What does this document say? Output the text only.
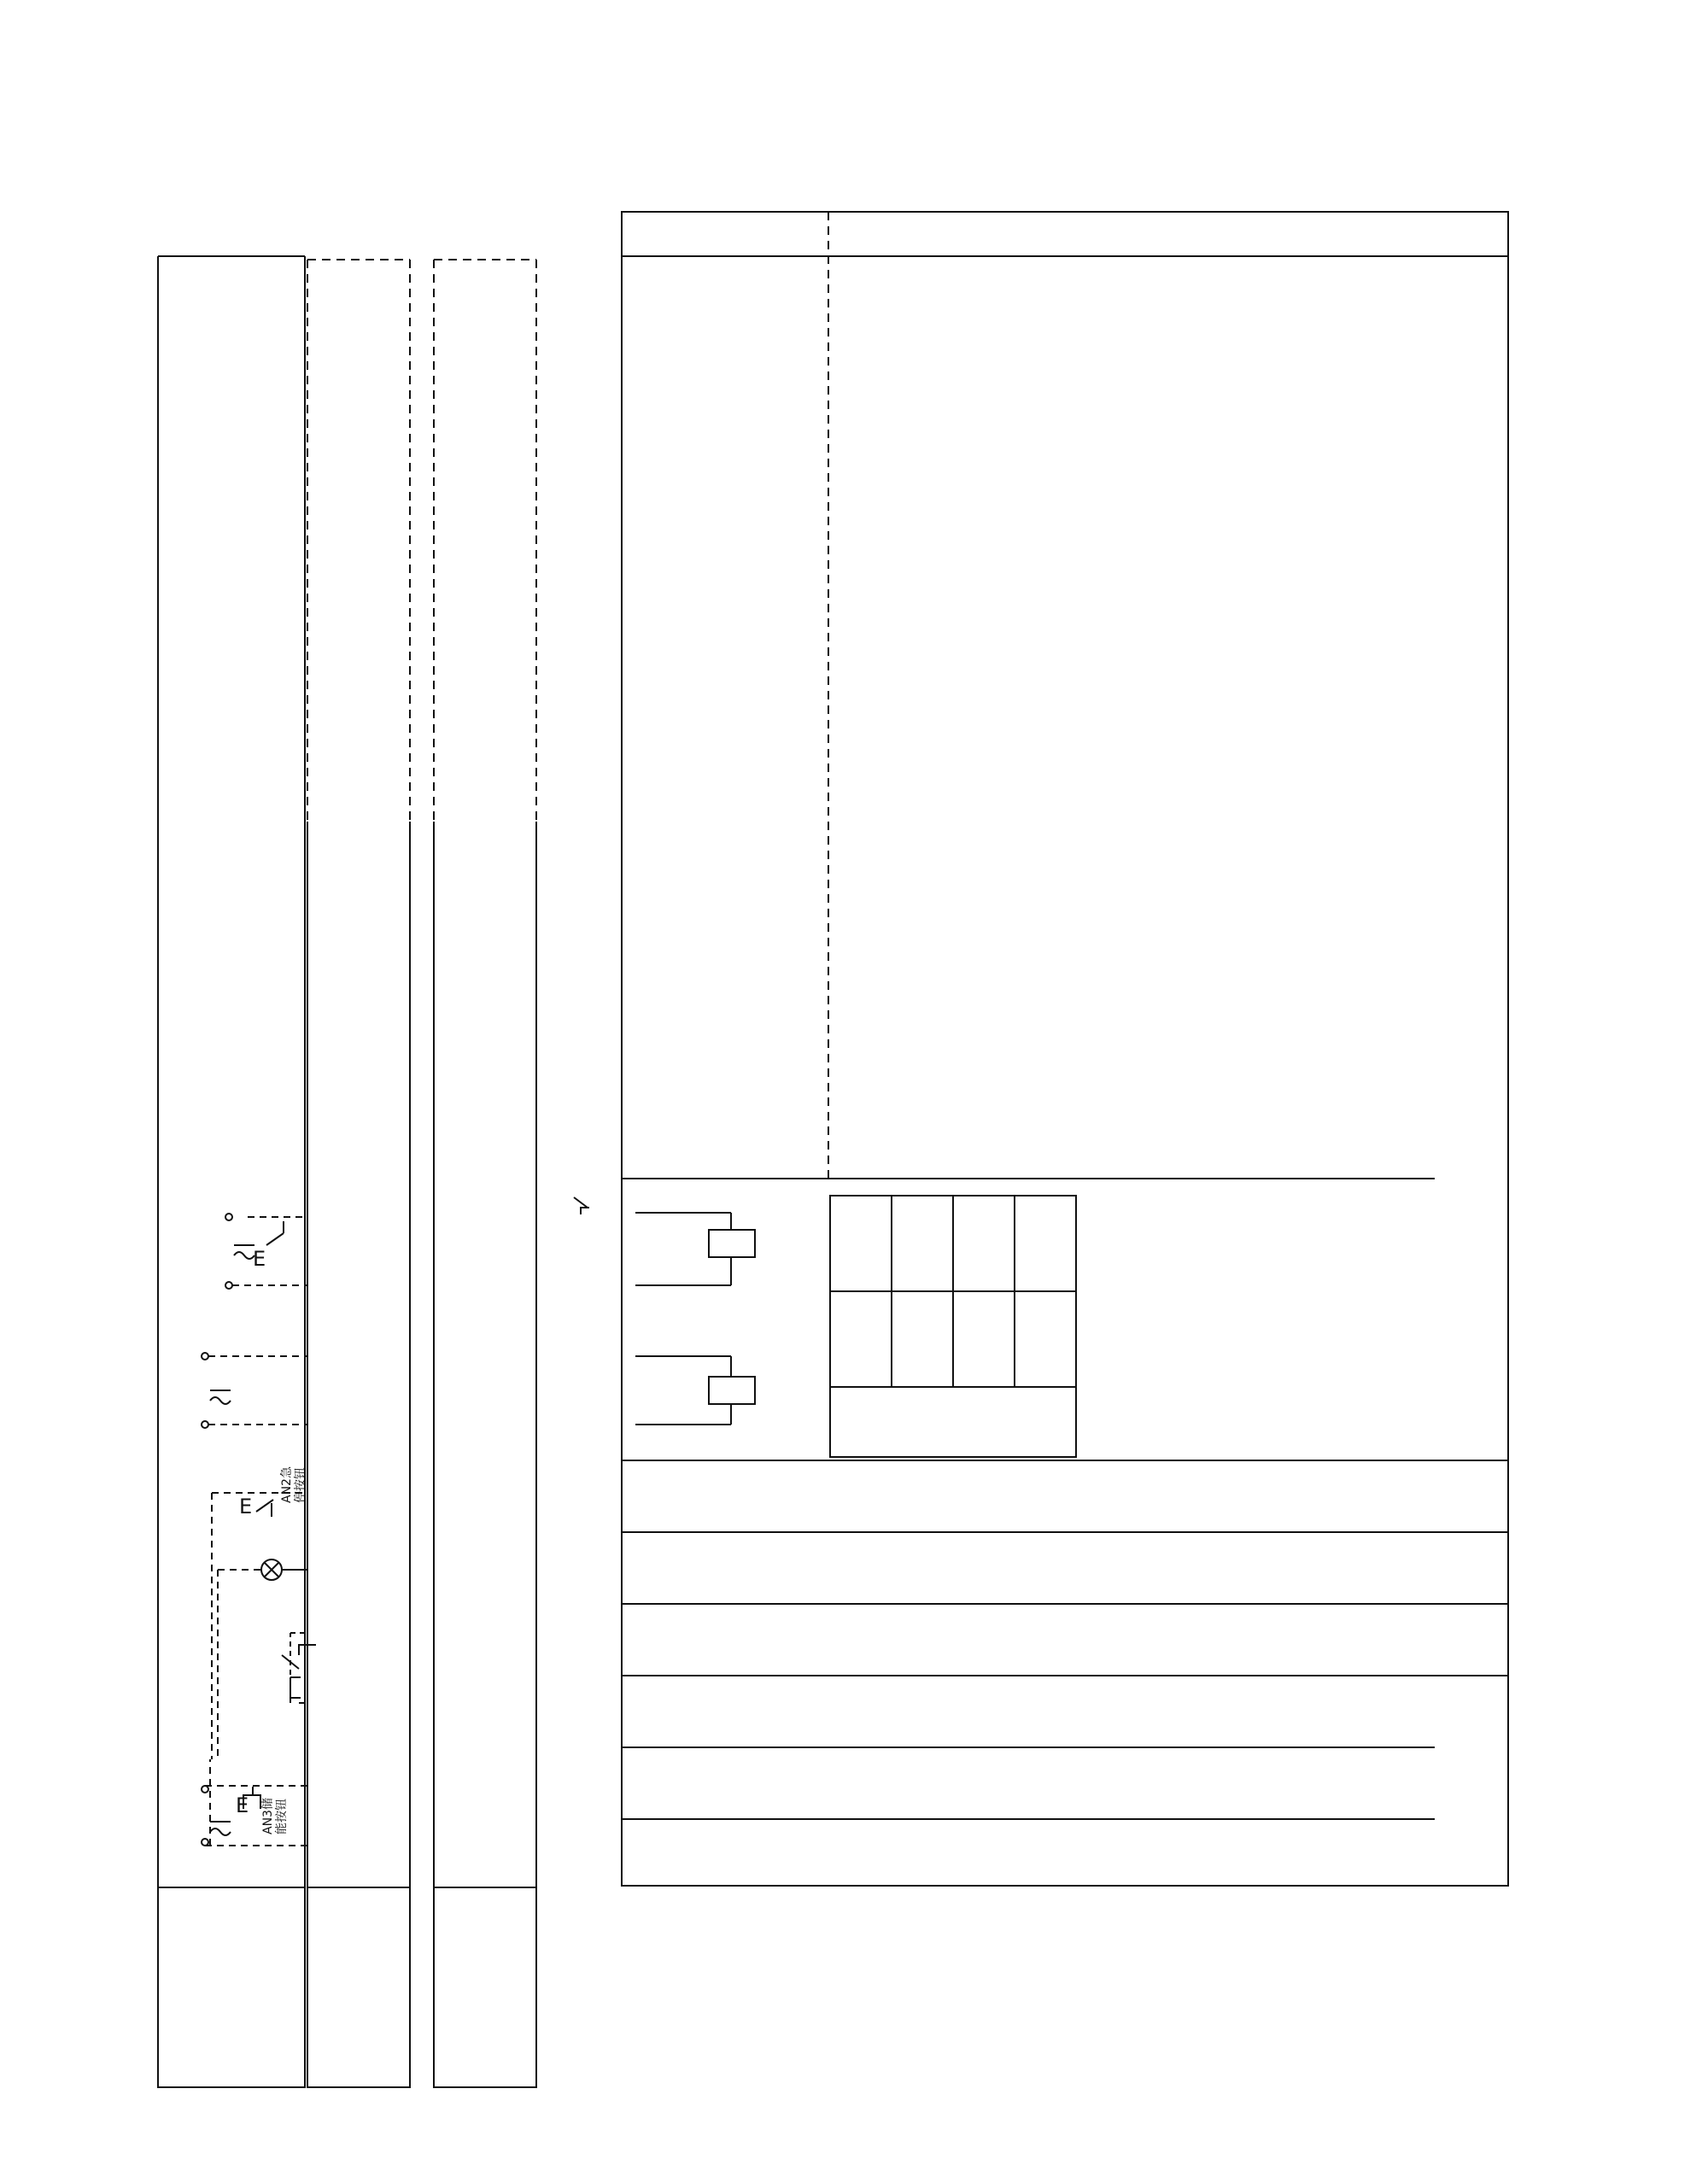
AN3储 能按钮
E
E
AN2急 停按钮
E
